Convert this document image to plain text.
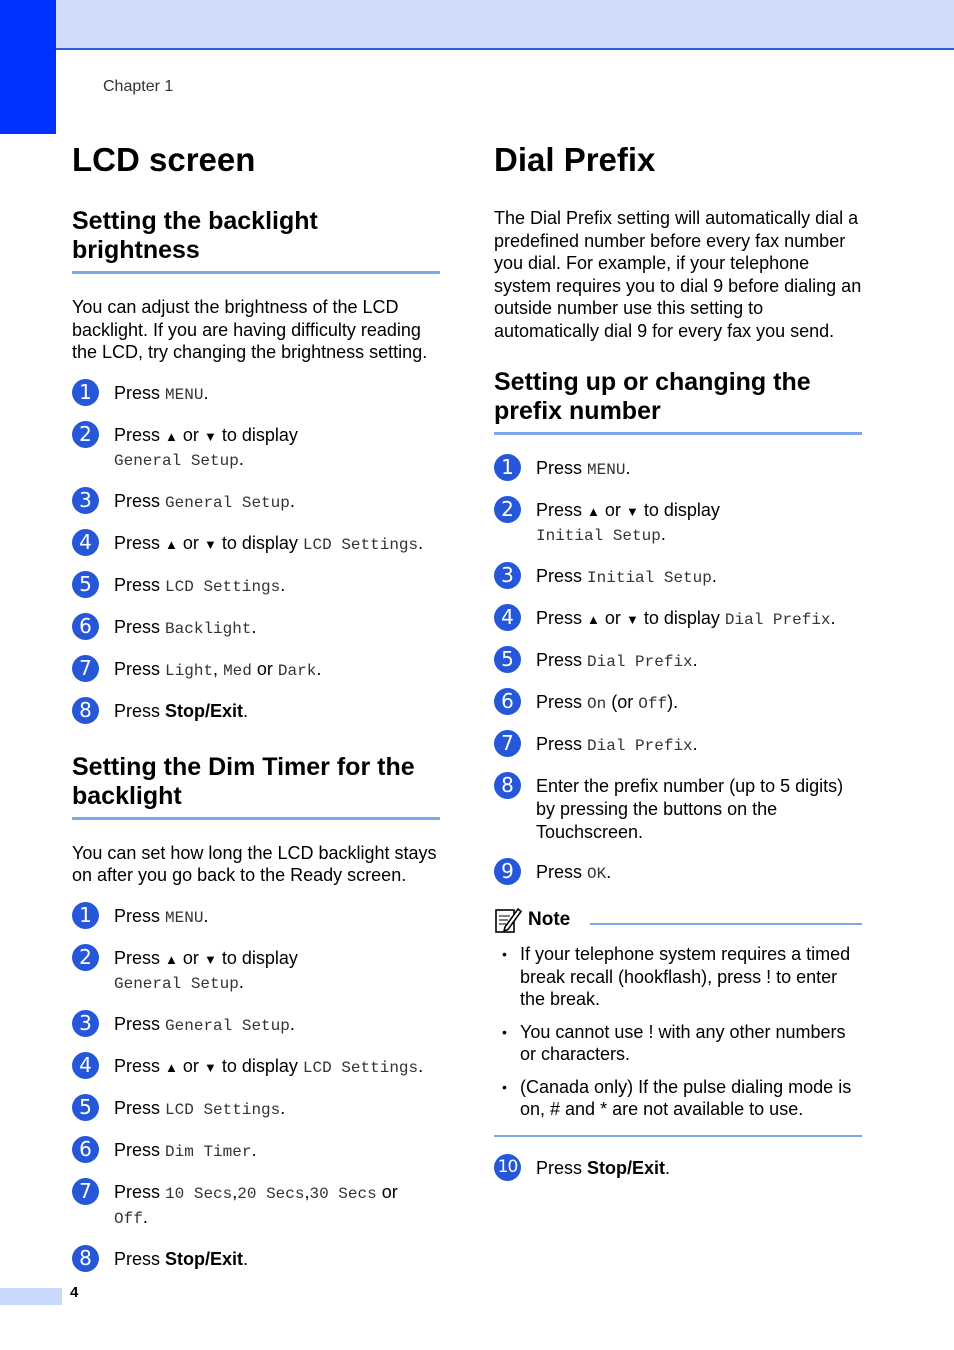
Chapter 1
LCD screen
Setting the backlight brightness

You can adjust the brightness of the LCD backlight. If you are having difficulty reading the LCD, try changing the brightness setting.

1	Press MENU.
2	Press ▲ or ▼ to display
General Setup.
3	Press General Setup.
4	Press ▲ or ▼ to display LCD Settings.
5	Press LCD Settings.
6	Press Backlight.
7	Press Light, Med or Dark.
8	Press Stop/Exit.
Setting the Dim Timer for the backlight

You can set how long the LCD backlight stays on after you go back to the Ready screen.

1	Press MENU.
2	Press ▲ or ▼ to display
General Setup.
3	Press General Setup.
4	Press ▲ or ▼ to display LCD Settings.
5	Press LCD Settings.
6	Press Dim Timer.
7	Press 10 Secs,20 Secs,30 Secs or
Off.
8	Press Stop/Exit.
Dial Prefix

The Dial Prefix setting will automatically dial a predefined number before every fax number you dial. For example, if your telephone system requires you to dial 9 before dialing an outside number use this setting to automatically dial 9 for every fax you send.

Setting up or changing the prefix number
1	Press MENU.
2	Press ▲ or ▼ to display
Initial Setup.
3	Press Initial Setup.
4	Press ▲ or ▼ to display Dial Prefix.
5	Press Dial Prefix.
6	Press On (or Off).
7	Press Dial Prefix.
8	Enter the prefix number (up to 5 digits) by pressing the buttons on the Touchscreen.
9	Press OK.
Note
• If your telephone system requires a timed break recall (hookflash), press ! to enter the break.
• You cannot use ! with any other numbers or characters.
• (Canada only) If the pulse dialing mode is on, # and * are not available to use.
10 Press Stop/Exit.
4
